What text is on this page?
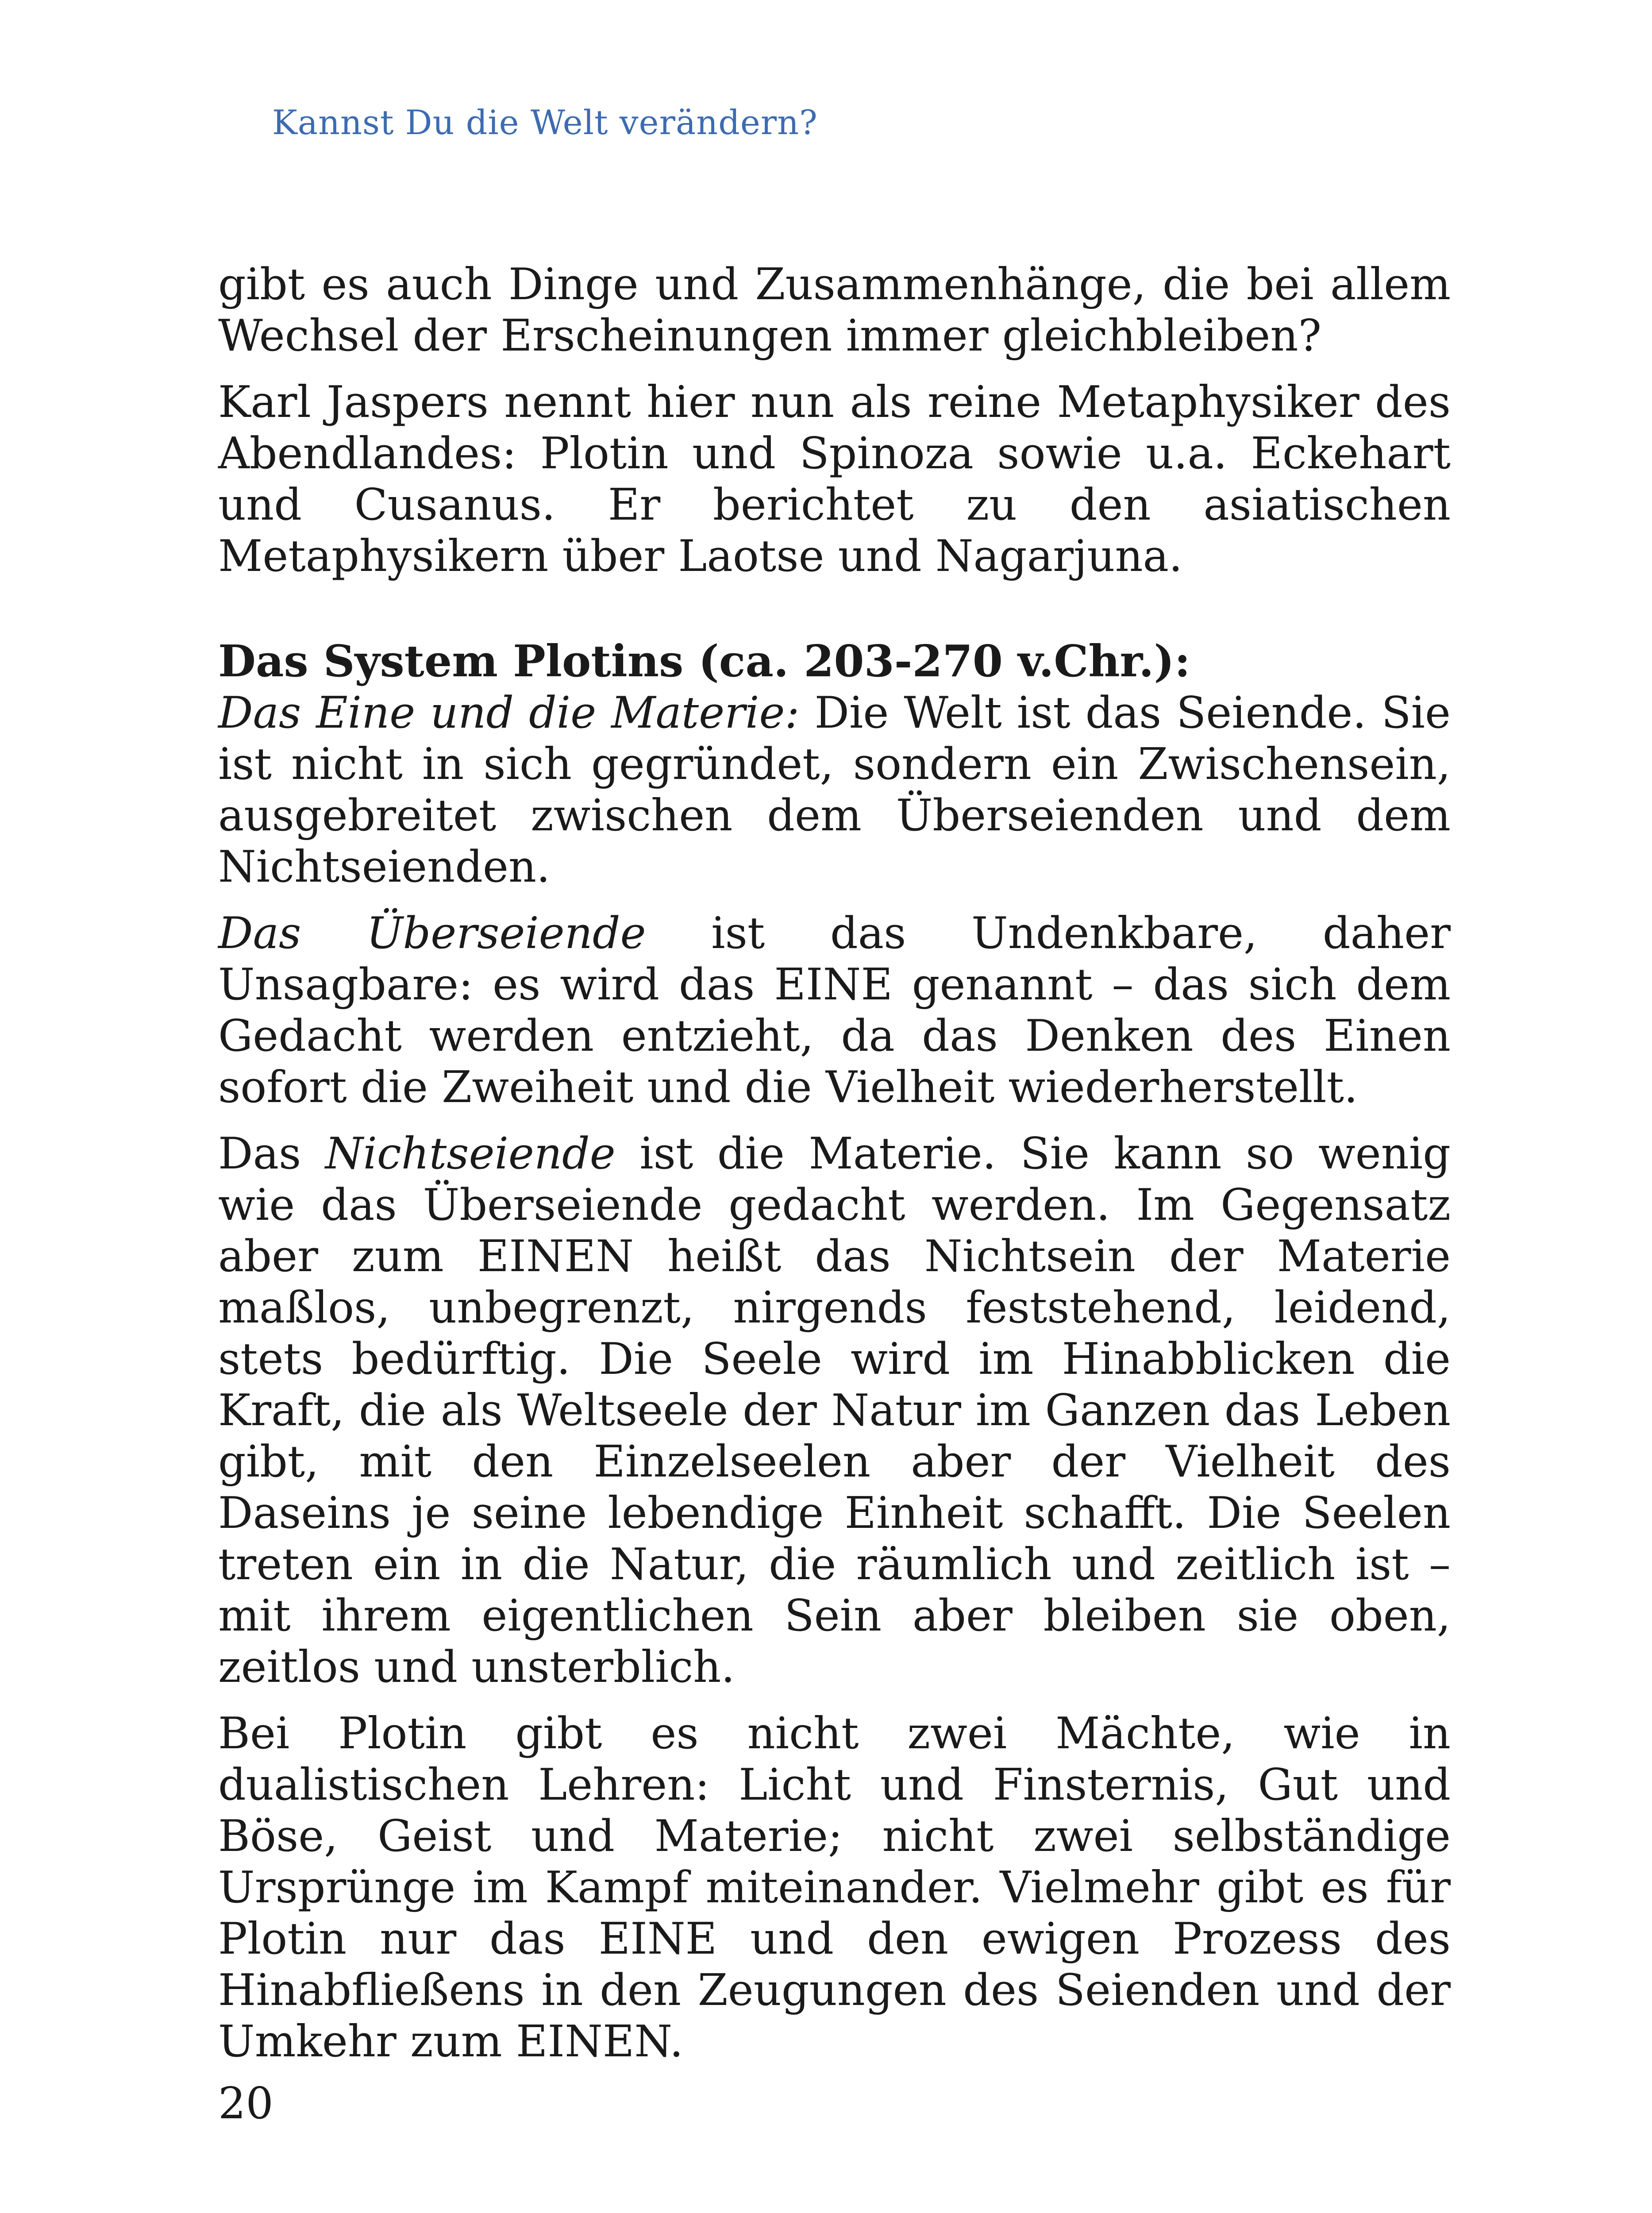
Kannst Du die Welt verändern?

gibt es auch Dinge und Zusammenhänge, die bei allem Wechsel der Erscheinungen immer gleichbleiben?

Karl Jaspers nennt hier nun als reine Metaphysiker des Abendlandes: Plotin und Spinoza sowie u.a. Eckehart und Cusanus. Er berichtet zu den asiatischen Metaphysikern über Laotse und Nagarjuna.

Das System Plotins (ca. 203-270 v.Chr.):

Das Eine und die Materie: Die Welt ist das Seiende. Sie ist nicht in sich gegründet, sondern ein Zwischensein, ausgebreitet zwischen dem Überseienden und dem Nichtseienden.

Das Überseiende ist das Undenkbare, daher Unsagbare: es wird das EINE genannt – das sich dem Gedacht werden entzieht, da das Denken des Einen sofort die Zweiheit und die Vielheit wiederherstellt.

Das Nichtseiende ist die Materie. Sie kann so wenig wie das Überseiende gedacht werden. Im Gegensatz aber zum EINEN heißt das Nichtsein der Materie maßlos, unbegrenzt, nirgends feststehend, leidend, stets bedürftig. Die Seele wird im Hinabblicken die Kraft, die als Weltseele der Natur im Ganzen das Leben gibt, mit den Einzelseelen aber der Vielheit des Daseins je seine lebendige Einheit schafft. Die Seelen treten ein in die Natur, die räumlich und zeitlich ist – mit ihrem eigentlichen Sein aber bleiben sie oben, zeitlos und unsterblich.

Bei Plotin gibt es nicht zwei Mächte, wie in dualistischen Lehren: Licht und Finsternis, Gut und Böse, Geist und Materie; nicht zwei selbständige Ursprünge im Kampf miteinander. Vielmehr gibt es für Plotin nur das EINE und den ewigen Prozess des Hinabfließens in den Zeugungen des Seienden und der Umkehr zum EINEN.

20
